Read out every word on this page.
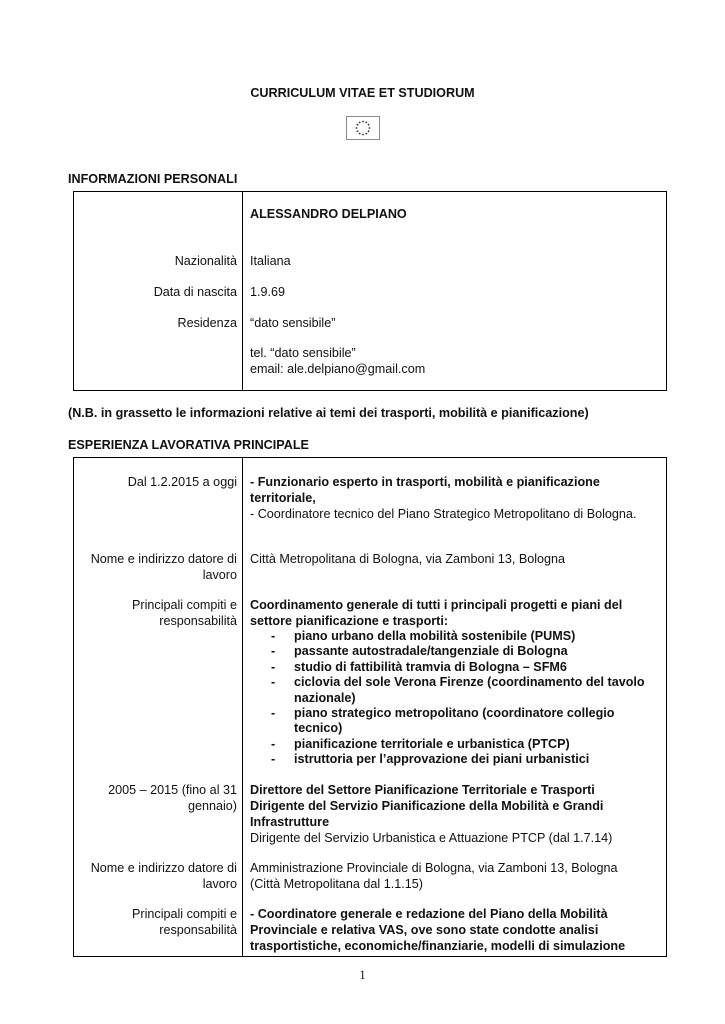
CURRICULUM VITAE ET STUDIORUM
INFORMAZIONI PERSONALI
ALESSANDRO DELPIANO
Nazionalità Italiana
Data di nascita 1.9.69
Residenza “dato sensibile”
tel. “dato sensibile”
email: ale.delpiano@gmail.com
(N.B. in grassetto le informazioni relative ai temi dei trasporti, mobilità e pianificazione)
ESPERIENZA LAVORATIVA PRINCIPALE
Dal 1.2.2015 a oggi - Funzionario esperto in trasporti, mobilità e pianificazione territoriale,
- Coordinatore tecnico del Piano Strategico Metropolitano di Bologna.
Nome e indirizzo datore di lavoro
Città Metropolitana di Bologna, via Zamboni 13, Bologna
Principali compiti e responsabilità
Coordinamento generale di tutti i principali progetti e piani del settore pianificazione e trasporti:
- piano urbano della mobilità sostenibile (PUMS)
- passante autostradale/tangenziale di Bologna
- studio di fattibilità tramvia di Bologna – SFM6
- ciclovia del sole Verona Firenze (coordinamento del tavolo nazionale)
- piano strategico metropolitano (coordinatore collegio tecnico)
- pianificazione territoriale e urbanistica (PTCP)
- istruttoria per l’approvazione dei piani urbanistici
2005 – 2015 (fino al 31 gennaio)
Direttore del Settore Pianificazione Territoriale e Trasporti
Dirigente del Servizio Pianificazione della Mobilità e Grandi Infrastrutture
Dirigente del Servizio Urbanistica e Attuazione PTCP (dal 1.7.14)
Nome e indirizzo datore di lavoro
Amministrazione Provinciale di Bologna, via Zamboni 13, Bologna
(Città Metropolitana dal 1.1.15)
Principali compiti e responsabilità
- Coordinatore generale e redazione del Piano della Mobilità Provinciale e relativa VAS, ove sono state condotte analisi trasportistiche, economiche/finanziarie, modelli di simulazione
1
